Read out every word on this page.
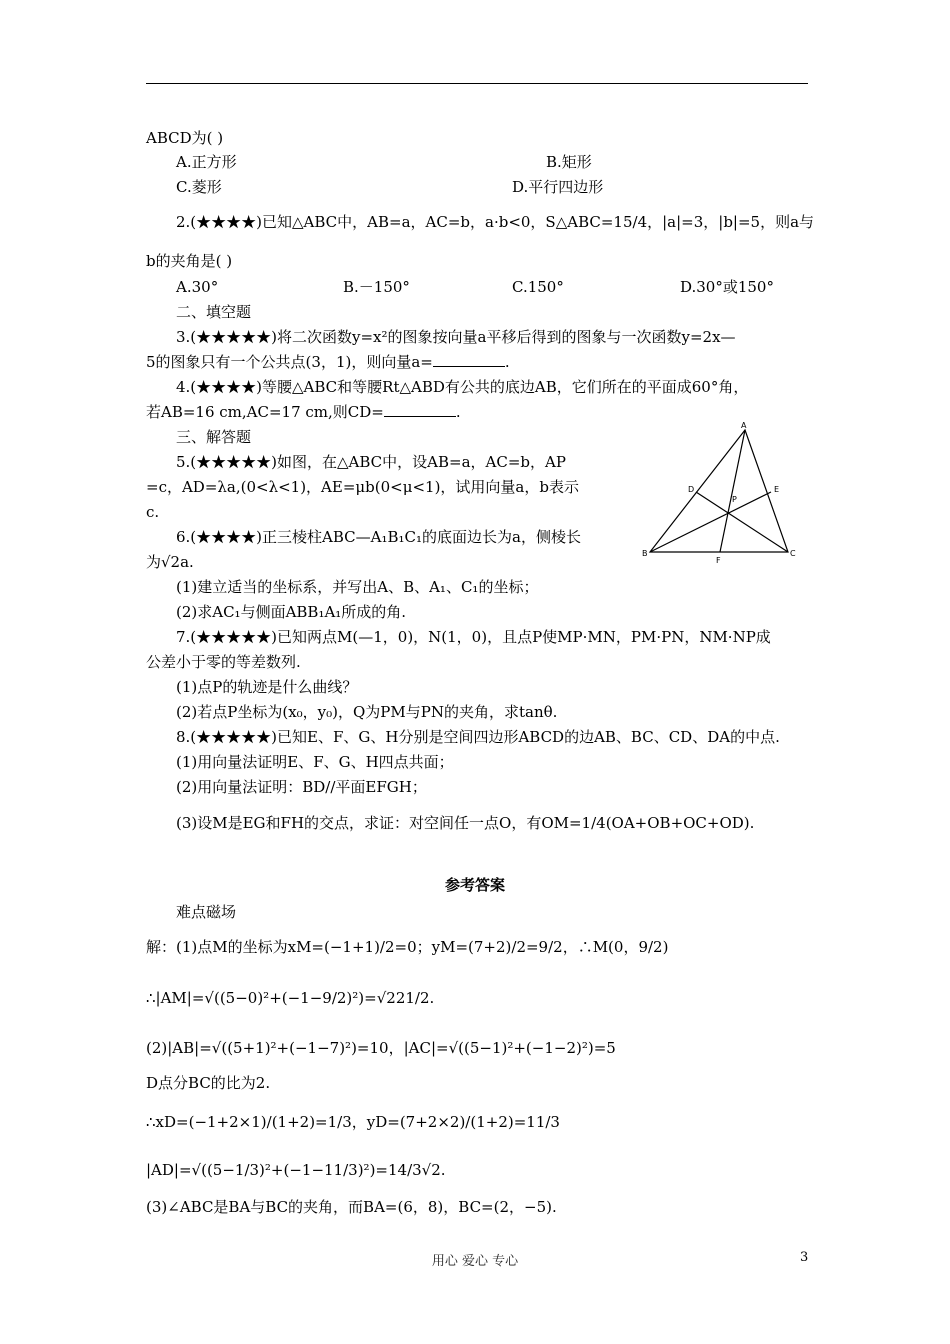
ABCD为( )
2.(★★★★)已知△ABC中，AB=a，AC=b，a·b<0，S△ABC=15/4，|a|=3，|b|=5，则a与
b的夹角是( )
二、填空题
3.(★★★★★)将二次函数y=x²的图象按向量a平移后得到的图象与一次函数y=2x—
5的图象只有一个公共点(3，1)，则向量a=	.
4.(★★★★)等腰△ABC和等腰Rt△ABD有公共的底边AB，它们所在的平面成60°角，
若AB=16 cm,AC=17 cm,则CD=	.
三、解答题
5.(★★★★★)如图，在△ABC中，设AB=a，AC=b，AP
=c，AD=λa,(0<λ<1)，AE=μb(0<μ<1)，试用向量a，b表示
c.
6.(★★★★)正三棱柱ABC—A₁B₁C₁的底面边长为a，侧棱长
为√2a.
(1)建立适当的坐标系，并写出A、B、A₁、C₁的坐标；
(2)求AC₁与侧面ABB₁A₁所成的角.
7.(★★★★★)已知两点M(—1，0)，N(1，0)，且点P使MP·MN，PM·PN，NM·NP成
公差小于零的等差数列.
(1)点P的轨迹是什么曲线？
(2)若点P坐标为(x₀，y₀)，Q为PM与PN的夹角，求tanθ.
8.(★★★★★)已知E、F、G、H分别是空间四边形ABCD的边AB、BC、CD、DA的中点.
(1)用向量法证明E、F、G、H四点共面；
(2)用向量法证明：BD//平面EFGH；
(3)设M是EG和FH的交点，求证：对空间任一点O，有OM=1/4(OA+OB+OC+OD).
难点磁场
解：(1)点M的坐标为xM=(−1+1)/2=0；yM=(7+2)/2=9/2，∴M(0，9/2)
∴|AM|=√((5−0)²+(−1−9/2)²)=√221/2.
(2)|AB|=√((5+1)²+(−1−7)²)=10，|AC|=√((5−1)²+(−1−2)²)=5
D点分BC的比为2.
∴xD=(−1+2×1)/(1+2)=1/3，yD=(7+2×2)/(1+2)=11/3
|AD|=√((5−1/3)²+(−1−11/3)²)=14/3√2.
(3)∠ABC是BA与BC的夹角，而BA=(6，8)，BC=(2，−5).
A.正方形	B.矩形
C.菱形	D.平行四边形
A.30°	B.－150°	C.150°	D.30°或150°
参考答案
A
B	C
D	E
F
P
用心 爱心 专心	3
